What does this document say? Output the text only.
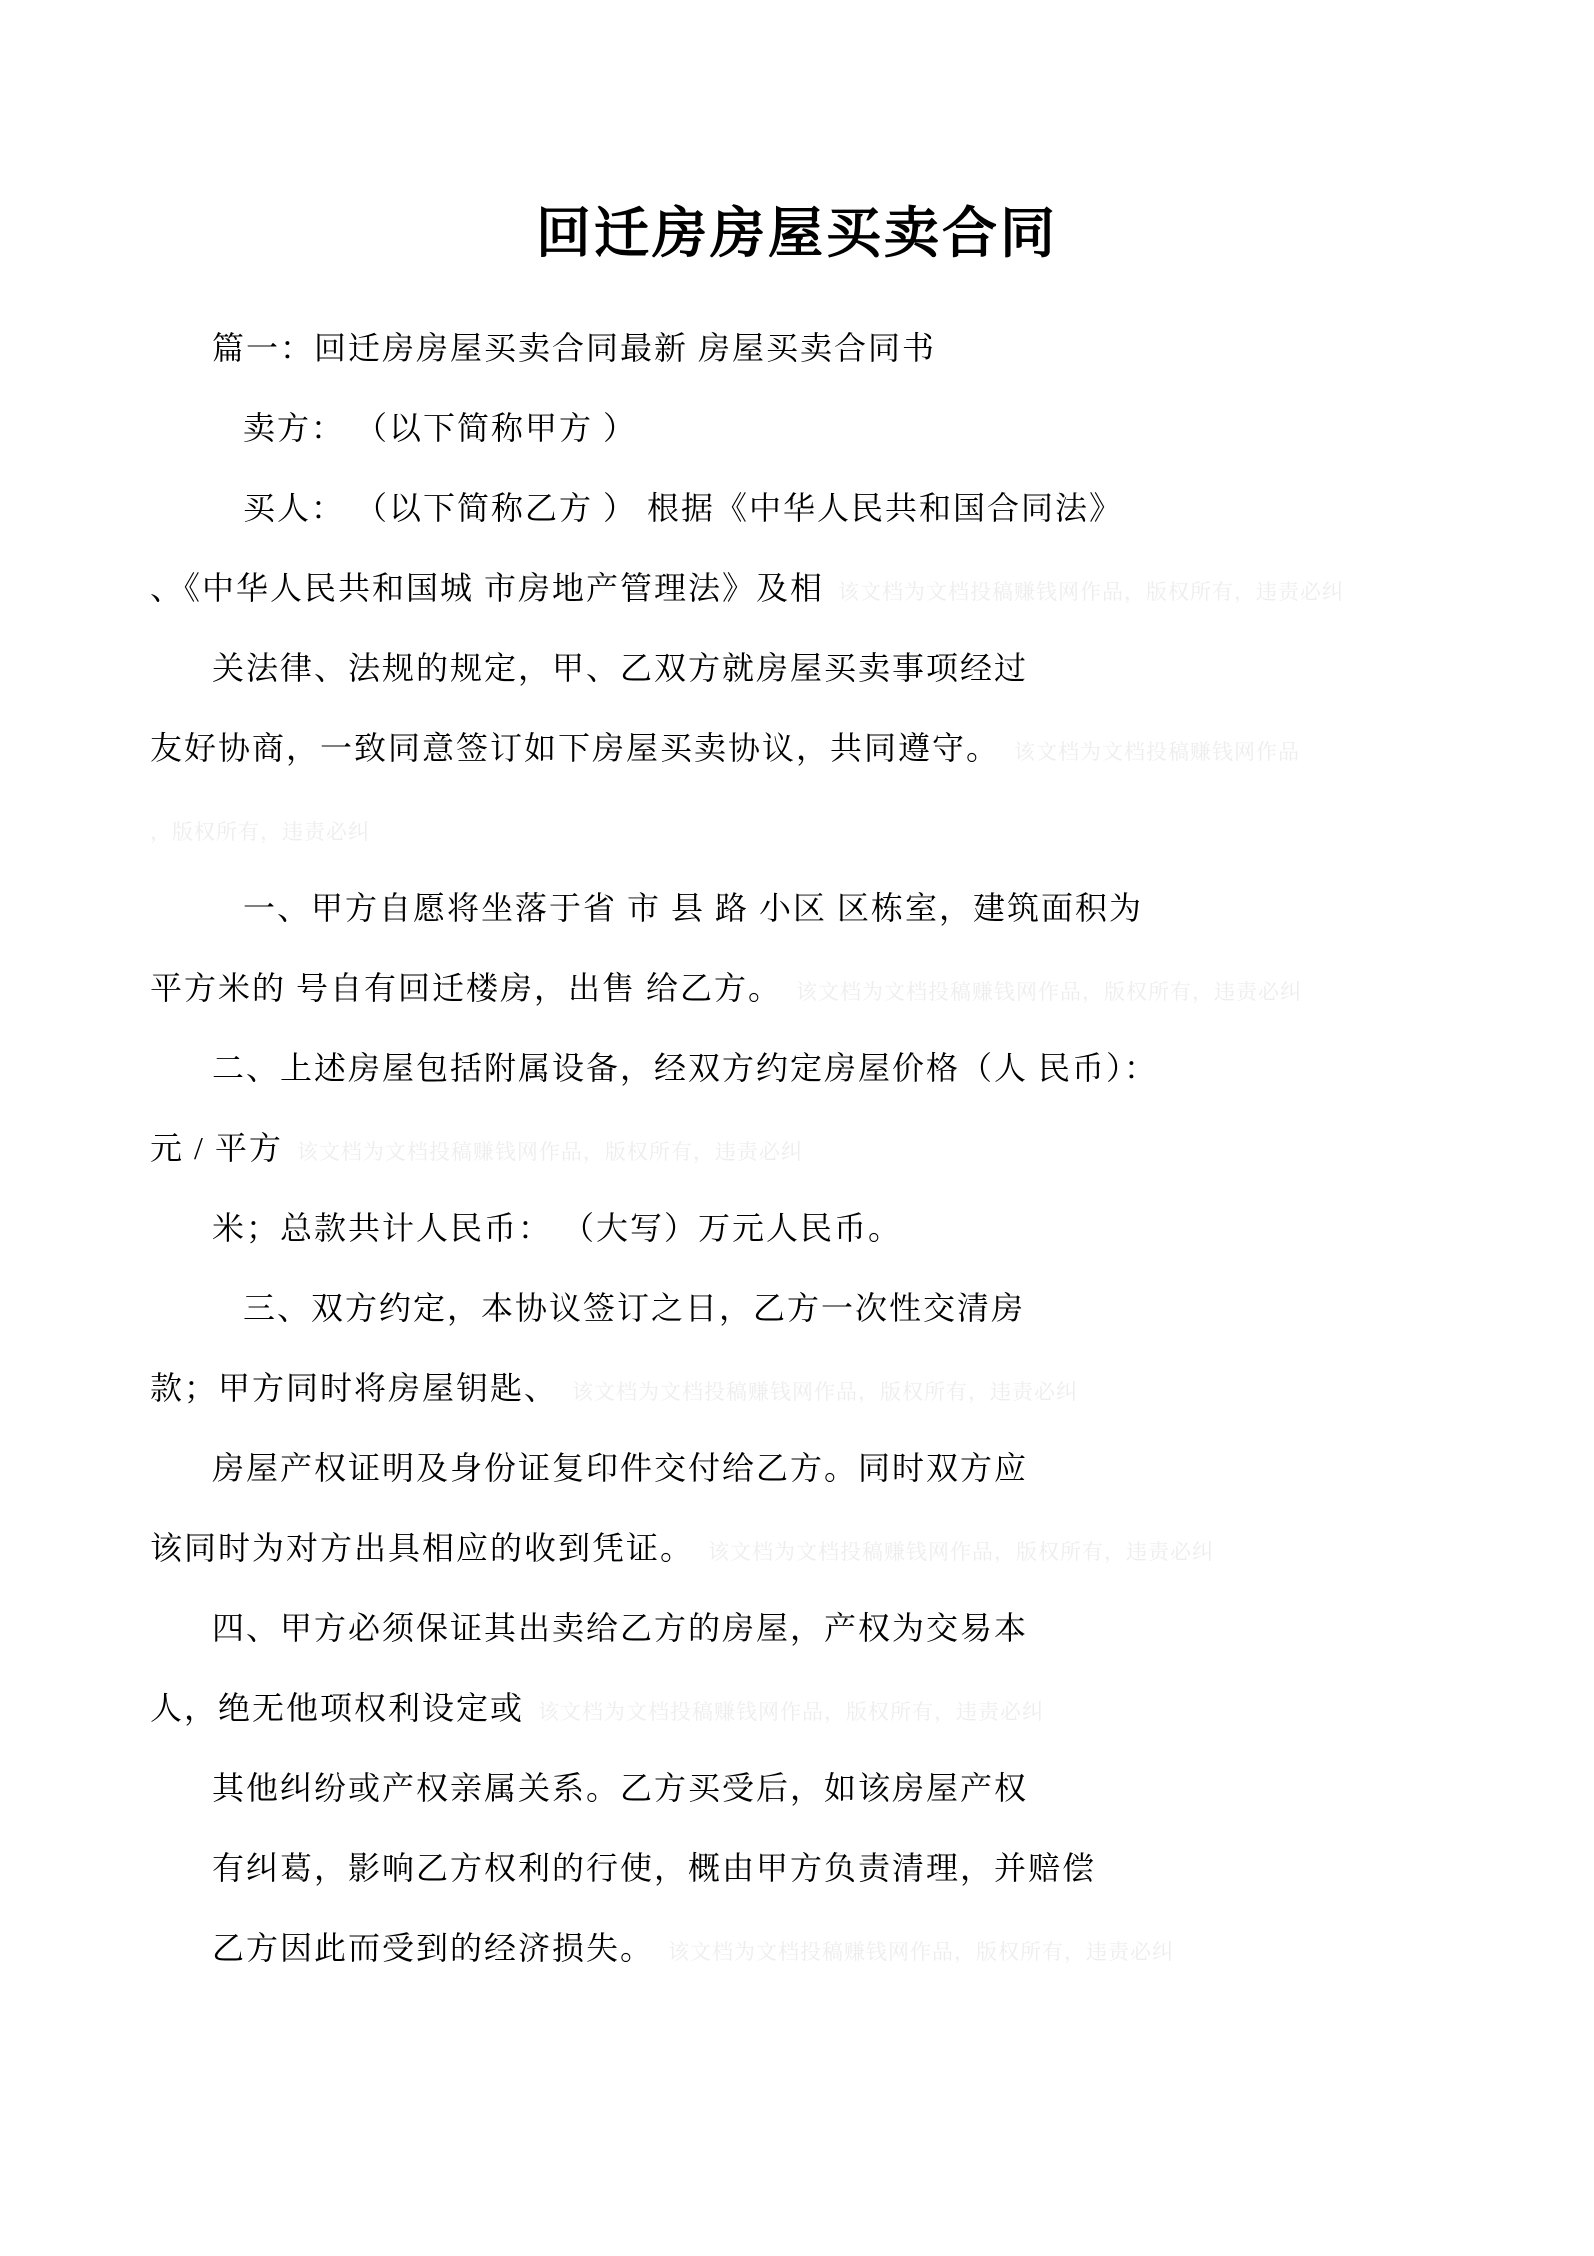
回迁房房屋买卖合同
篇一：回迁房房屋买卖合同最新 房屋买卖合同书
卖方： （以下简称甲方 ）
买人： （以下简称乙方 ） 根据《中华人民共和国合同法》
、《中华人民共和国城 市房地产管理法》及相 该文档为文档投稿赚钱网作品，版权所有，违责必纠
关法律、法规的规定，甲、乙双方就房屋买卖事项经过
友好协商，一致同意签订如下房屋买卖协议，共同遵守。 该文档为文档投稿赚钱网作品
，版权所有，违责必纠
一、甲方自愿将坐落于省 市 县 路 小区 区栋室，建筑面积为
平方米的 号自有回迁楼房，出售 给乙方。 该文档为文档投稿赚钱网作品，版权所有，违责必纠
二、上述房屋包括附属设备，经双方约定房屋价格（人 民币）：
元 / 平方 该文档为文档投稿赚钱网作品，版权所有，违责必纠
米；总款共计人民币： （大写）万元人民币。
三、双方约定，本协议签订之日，乙方一次性交清房
款；甲方同时将房屋钥匙、 该文档为文档投稿赚钱网作品，版权所有，违责必纠
房屋产权证明及身份证复印件交付给乙方。同时双方应
该同时为对方出具相应的收到凭证。 该文档为文档投稿赚钱网作品，版权所有，违责必纠
四、甲方必须保证其出卖给乙方的房屋，产权为交易本
人，绝无他项权利设定或 该文档为文档投稿赚钱网作品，版权所有，违责必纠
其他纠纷或产权亲属关系。乙方买受后，如该房屋产权
有纠葛，影响乙方权利的行使，概由甲方负责清理，并赔偿
乙方因此而受到的经济损失。 该文档为文档投稿赚钱网作品，版权所有，违责必纠
